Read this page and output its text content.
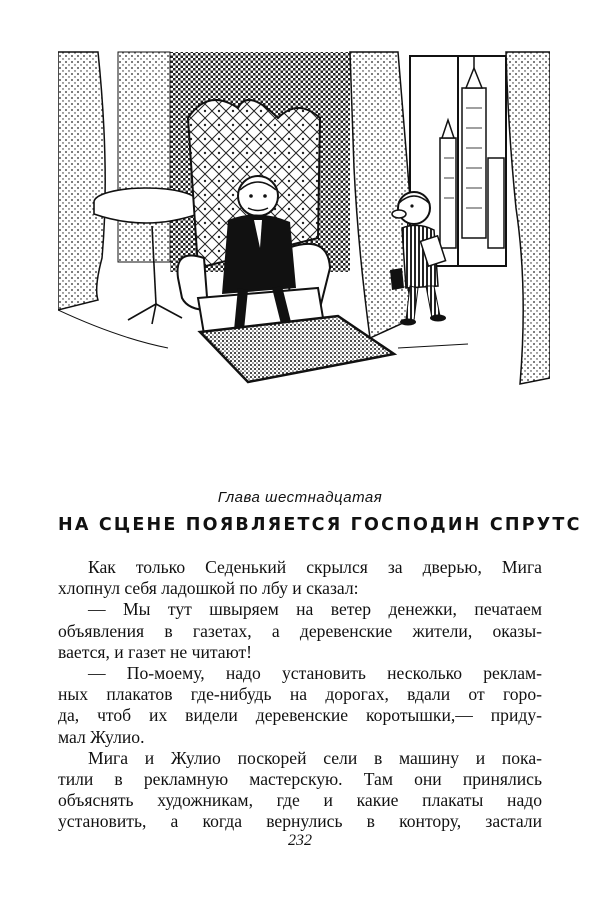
Глава шестнадцатая
НА СЦЕНЕ ПОЯВЛЯЕТСЯ ГОСПОДИН СПРУТС
Как только Седенький скрылся за дверью, Мига
хлопнул себя ладошкой по лбу и сказал:
— Мы тут швыряем на ветер денежки, печатаем
объявления в газетах, а деревенские жители, оказы-
вается, и газет не читают!
— По-моему, надо установить несколько реклам-
ных плакатов где-нибудь на дорогах, вдали от горо-
да, чтоб их видели деревенские коротышки,— приду-
мал Жулио.
Мига и Жулио поскорей сели в машину и пока-
тили в рекламную мастерскую. Там они принялись
объяснять художникам, где и какие плакаты надо
установить, а когда вернулись в контору, застали
232
